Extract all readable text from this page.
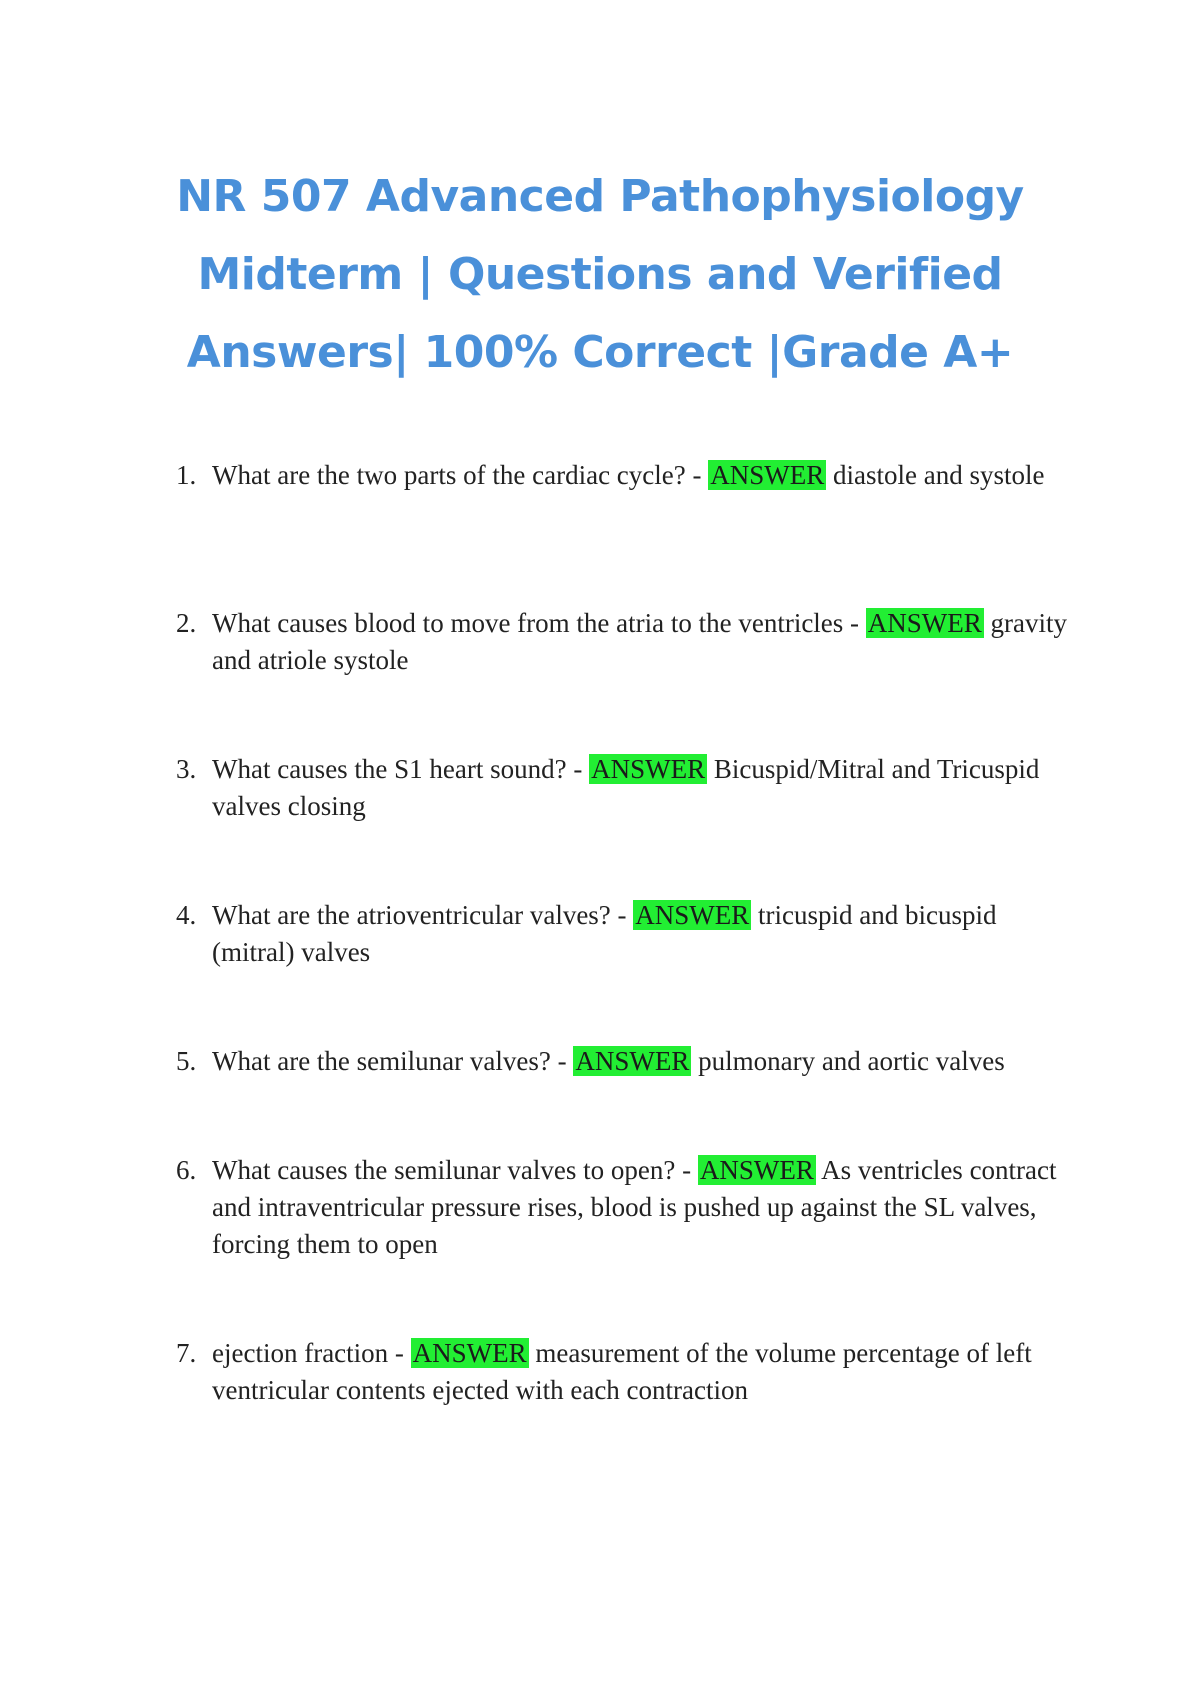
NR 507 Advanced Pathophysiology
Midterm | Questions and Verified
Answers| 100% Correct |Grade A+
1. What are the two parts of the cardiac cycle? - ANSWER diastole and systole
2. What causes blood to move from the atria to the ventricles - ANSWER gravity and atriole systole
3. What causes the S1 heart sound? - ANSWER Bicuspid/Mitral and Tricuspid valves closing
4. What are the atrioventricular valves? - ANSWER tricuspid and bicuspid (mitral) valves
5. What are the semilunar valves? - ANSWER pulmonary and aortic valves
6. What causes the semilunar valves to open? - ANSWER As ventricles contract and intraventricular pressure rises, blood is pushed up against the SL valves, forcing them to open
7. ejection fraction - ANSWER measurement of the volume percentage of left ventricular contents ejected with each contraction
